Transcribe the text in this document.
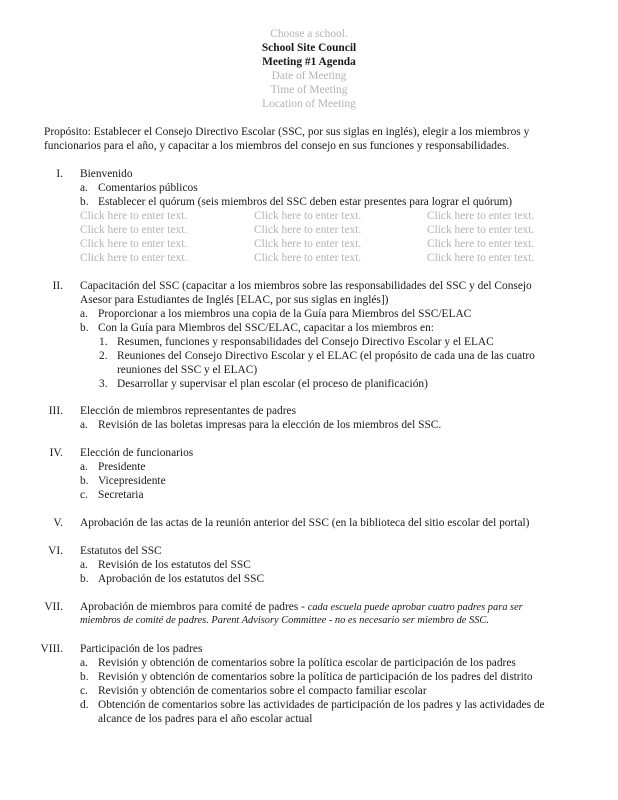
Choose a school.
School Site Council
Meeting #1 Agenda
Date of Meeting
Time of Meeting
Location of Meeting
Propósito: Establecer el Consejo Directivo Escolar (SSC, por sus siglas en inglés), elegir a los miembros y
funcionarios para el año, y capacitar a los miembros del consejo en sus funciones y responsabilidades.
I. Bienvenido
a. Comentarios públicos
b. Establecer el quórum (seis miembros del SSC deben estar presentes para lograr el quórum)
Click here to enter text.	Click here to enter text.	Click here to enter text.
Click here to enter text.	Click here to enter text.	Click here to enter text.
Click here to enter text.	Click here to enter text.	Click here to enter text.
Click here to enter text.	Click here to enter text.	Click here to enter text.
II. Capacitación del SSC (capacitar a los miembros sobre las responsabilidades del SSC y del Consejo
Asesor para Estudiantes de Inglés [ELAC, por sus siglas en inglés])
a. Proporcionar a los miembros una copia de la Guía para Miembros del SSC/ELAC
b. Con la Guía para Miembros del SSC/ELAC, capacitar a los miembros en:
1. Resumen, funciones y responsabilidades del Consejo Directivo Escolar y el ELAC
2. Reuniones del Consejo Directivo Escolar y el ELAC (el propósito de cada una de las cuatro
reuniones del SSC y el ELAC)
3. Desarrollar y supervisar el plan escolar (el proceso de planificación)
III. Elección de miembros representantes de padres
a. Revisión de las boletas impresas para la elección de los miembros del SSC.
IV. Elección de funcionarios
a. Presidente
b. Vicepresidente
c. Secretaria
V. Aprobación de las actas de la reunión anterior del SSC (en la biblioteca del sitio escolar del portal)
VI. Estatutos del SSC
a. Revisión de los estatutos del SSC
b. Aprobación de los estatutos del SSC
VII. Aprobación de miembros para comité de padres - cada escuela puede aprobar cuatro padres para ser
miembros de comité de padres. Parent Advisory Committee - no es necesario ser miembro de SSC.
VIII. Participación de los padres
a. Revisión y obtención de comentarios sobre la política escolar de participación de los padres
b. Revisión y obtención de comentarios sobre la política de participación de los padres del distrito
c. Revisión y obtención de comentarios sobre el compacto familiar escolar
d. Obtención de comentarios sobre las actividades de participación de los padres y las actividades de
alcance de los padres para el año escolar actual
